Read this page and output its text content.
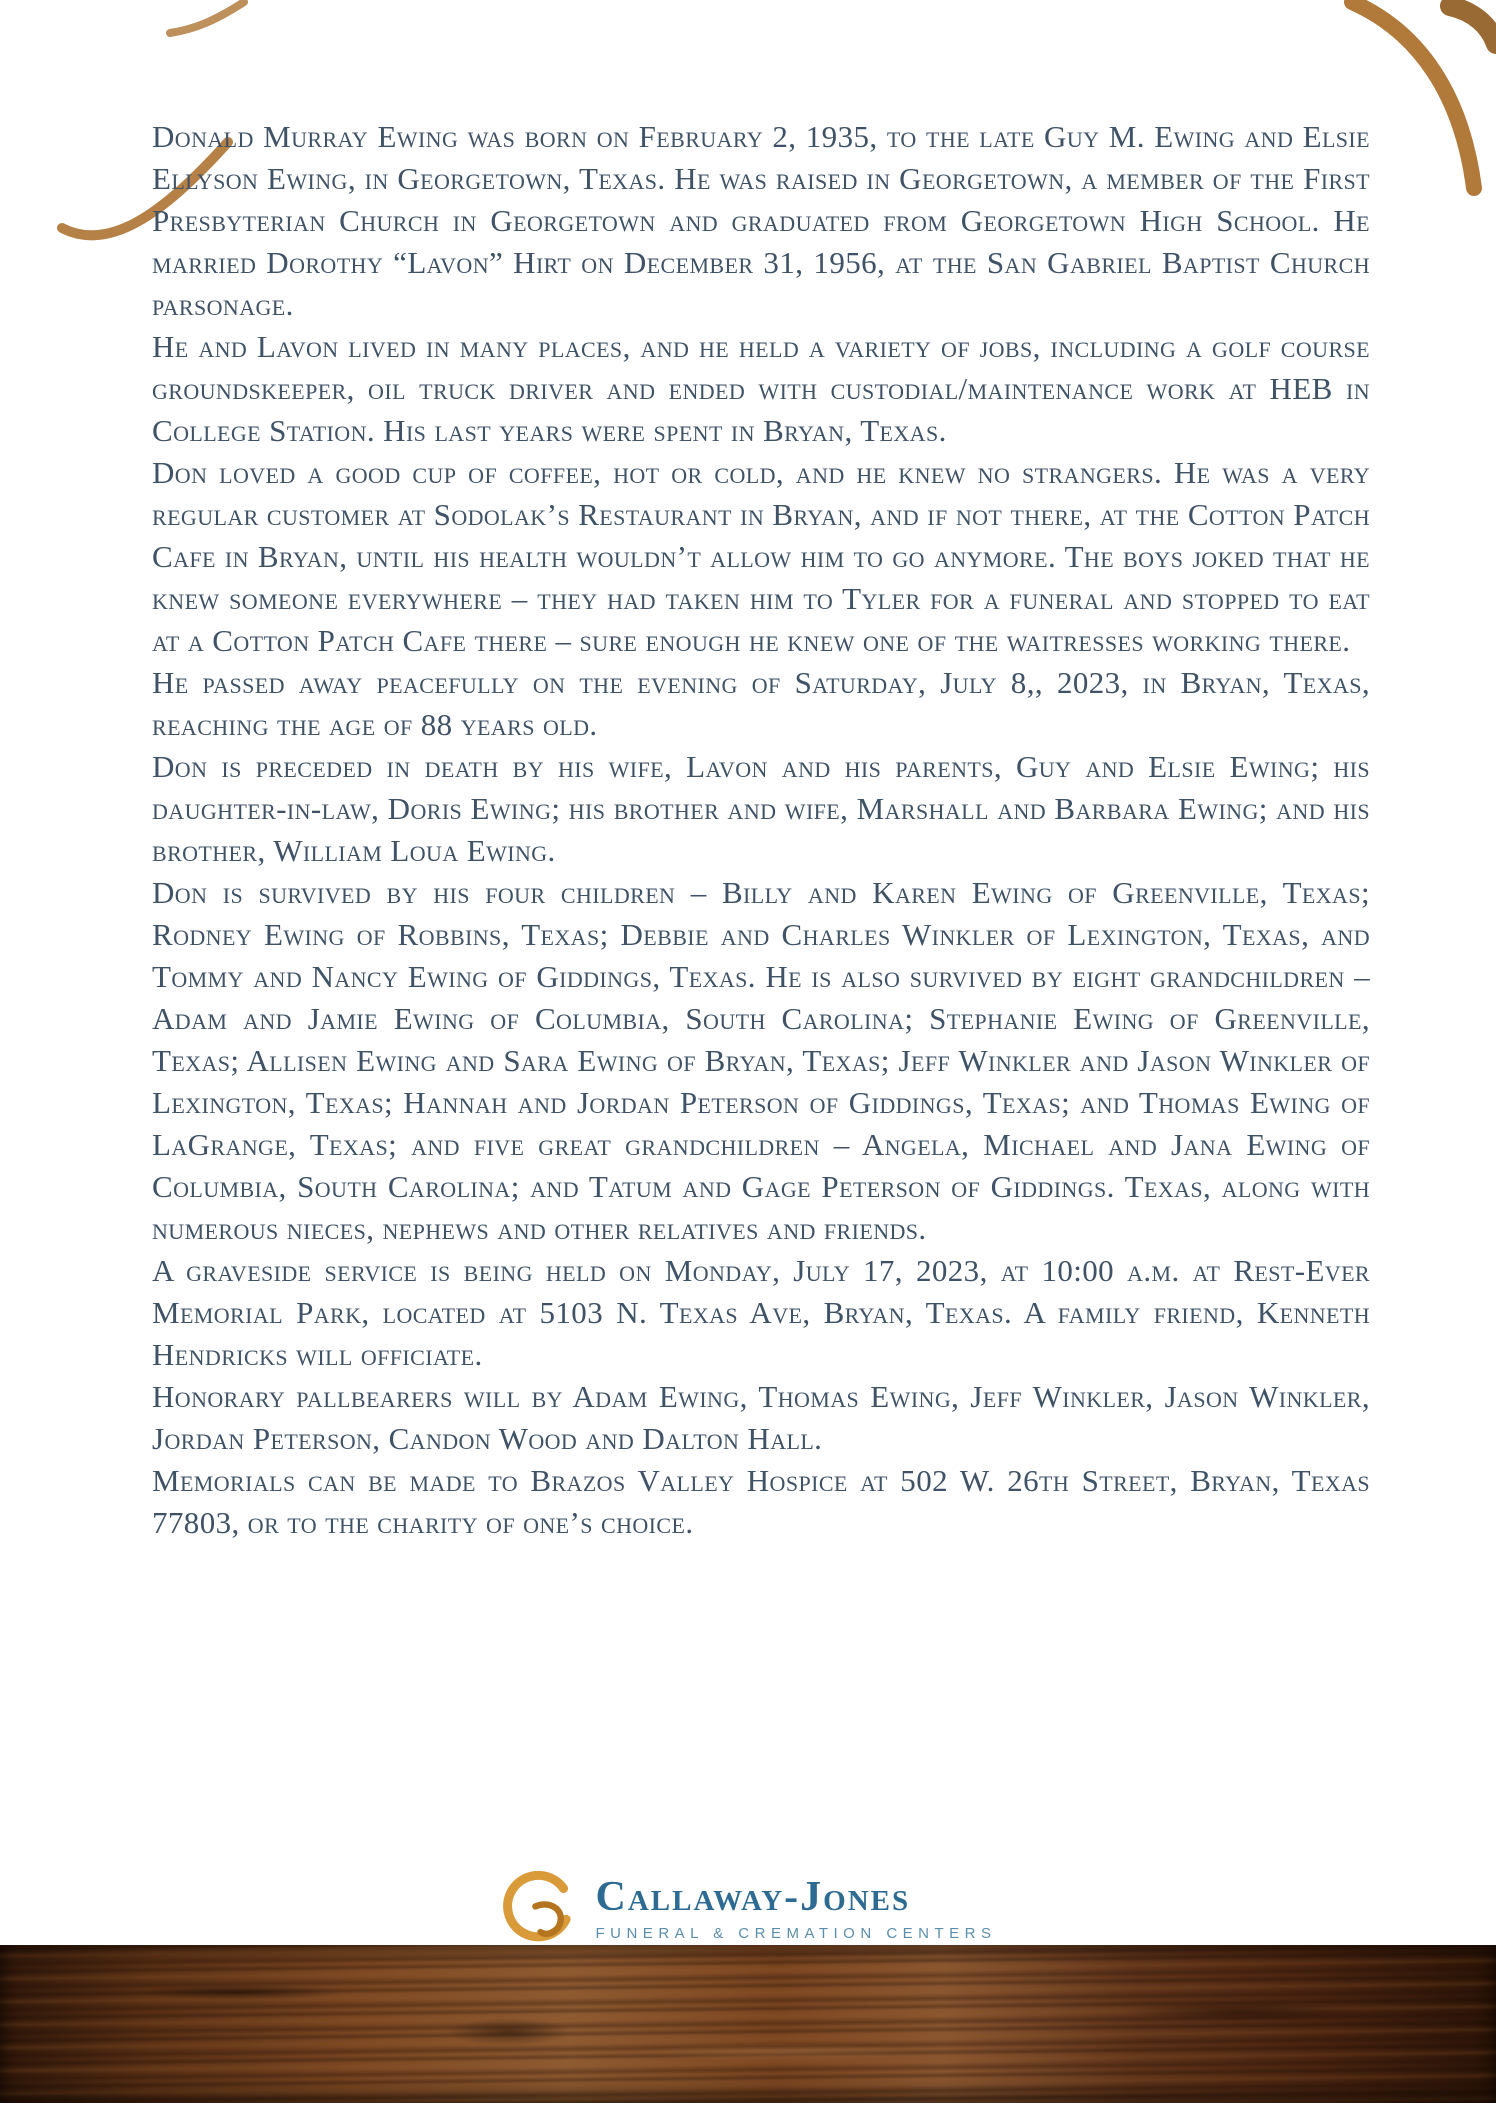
Donald Murray Ewing was born on February 2, 1935, to the late Guy M. Ewing and Elsie Ellyson Ewing, in Georgetown, Texas. He was raised in Georgetown, a member of the First Presbyterian Church in Georgetown and graduated from Georgetown High School. He married Dorothy “Lavon” Hirt on December 31, 1956, at the San Gabriel Baptist Church parsonage.

He and Lavon lived in many places, and he held a variety of jobs, including a golf course groundskeeper, oil truck driver and ended with custodial/maintenance work at HEB in College Station. His last years were spent in Bryan, Texas.

Don loved a good cup of coffee, hot or cold, and he knew no strangers. He was a very regular customer at Sodolak’s Restaurant in Bryan, and if not there, at the Cotton Patch Cafe in Bryan, until his health wouldn’t allow him to go anymore. The boys joked that he knew someone everywhere – they had taken him to Tyler for a funeral and stopped to eat at a Cotton Patch Cafe there – sure enough he knew one of the waitresses working there.

He passed away peacefully on the evening of Saturday, July 8,, 2023, in Bryan, Texas, reaching the age of 88 years old.

Don is preceded in death by his wife, Lavon and his parents, Guy and Elsie Ewing; his daughter-in-law, Doris Ewing; his brother and wife, Marshall and Barbara Ewing; and his brother, William Loua Ewing.

Don is survived by his four children – Billy and Karen Ewing of Greenville, Texas; Rodney Ewing of Robbins, Texas; Debbie and Charles Winkler of Lexington, Texas, and Tommy and Nancy Ewing of Giddings, Texas. He is also survived by eight grandchildren – Adam and Jamie Ewing of Columbia, South Carolina; Stephanie Ewing of Greenville, Texas; Allisen Ewing and Sara Ewing of Bryan, Texas; Jeff Winkler and Jason Winkler of Lexington, Texas; Hannah and Jordan Peterson of Giddings, Texas; and Thomas Ewing of LaGrange, Texas; and five great grandchildren – Angela, Michael and Jana Ewing of Columbia, South Carolina; and Tatum and Gage Peterson of Giddings. Texas, along with numerous nieces, nephews and other relatives and friends.

A graveside service is being held on Monday, July 17, 2023, at 10:00 a.m. at Rest-Ever Memorial Park, located at 5103 N. Texas Ave, Bryan, Texas. A family friend, Kenneth Hendricks will officiate.

Honorary pallbearers will by Adam Ewing, Thomas Ewing, Jeff Winkler, Jason Winkler, Jordan Peterson, Candon Wood and Dalton Hall.

Memorials can be made to Brazos Valley Hospice at 502 W. 26th Street, Bryan, Texas 77803, or to the charity of one’s choice.

Callaway-Jones
FUNERAL & CREMATION CENTERS
